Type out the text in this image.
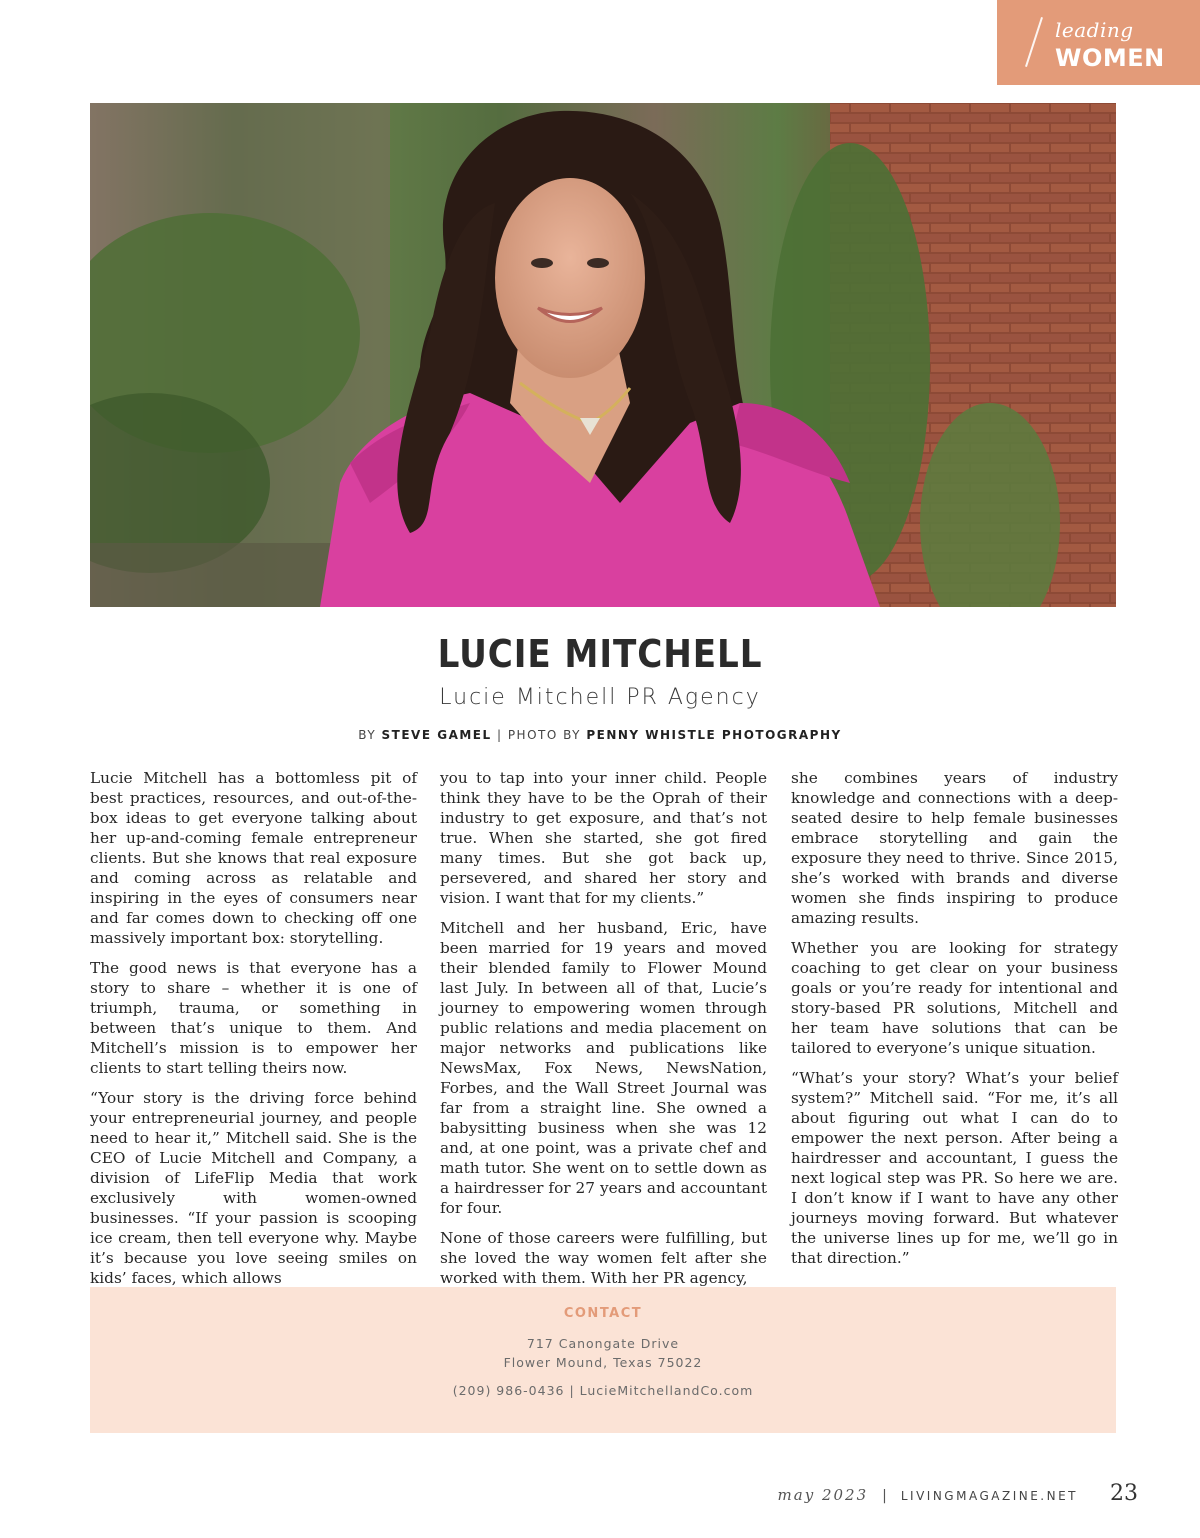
leading
WOMEN
LUCIE MITCHELL
Lucie Mitchell PR Agency
BY STEVE GAMEL | PHOTO BY PENNY WHISTLE PHOTOGRAPHY

Lucie Mitchell has a bottomless pit of best practices, resources, and out-of-the-box ideas to get everyone talking about her up-and-coming female entrepreneur clients. But she knows that real exposure and coming across as relatable and inspiring in the eyes of consumers near and far comes down to checking off one massively important box: storytelling.

The good news is that everyone has a story to share – whether it is one of triumph, trauma, or something in between that’s unique to them. And Mitchell’s mission is to empower her clients to start telling theirs now.

“Your story is the driving force behind your entrepreneurial journey, and people need to hear it,” Mitchell said. She is the CEO of Lucie Mitchell and Company, a division of LifeFlip Media that work exclusively with women-owned businesses. “If your passion is scooping ice cream, then tell everyone why. Maybe it’s because you love seeing smiles on kids’ faces, which allows

you to tap into your inner child. People think they have to be the Oprah of their industry to get exposure, and that’s not true. When she started, she got fired many times. But she got back up, persevered, and shared her story and vision. I want that for my clients.”

Mitchell and her husband, Eric, have been married for 19 years and moved their blended family to Flower Mound last July. In between all of that, Lucie’s journey to empowering women through public relations and media placement on major networks and publications like NewsMax, Fox News, NewsNation, Forbes, and the Wall Street Journal was far from a straight line. She owned a babysitting business when she was 12 and, at one point, was a private chef and math tutor. She went on to settle down as a hairdresser for 27 years and accountant for four.

None of those careers were fulfilling, but she loved the way women felt after she worked with them. With her PR agency,

she combines years of industry knowledge and connections with a deep-seated desire to help female businesses embrace storytelling and gain the exposure they need to thrive. Since 2015, she’s worked with brands and diverse women she finds inspiring to produce amazing results.

Whether you are looking for strategy coaching to get clear on your business goals or you’re ready for intentional and story-based PR solutions, Mitchell and her team have solutions that can be tailored to everyone’s unique situation.

“What’s your story? What’s your belief system?” Mitchell said. “For me, it’s all about figuring out what I can do to empower the next person. After being a hairdresser and accountant, I guess the next logical step was PR. So here we are. I don’t know if I want to have any other journeys moving forward. But whatever the universe lines up for me, we’ll go in that direction.”

CONTACT
717 Canongate Drive
Flower Mound, Texas 75022
(209) 986-0436 | LucieMitchellandCo.com
may 2023 | LIVINGMAGAZINE.NET 23
